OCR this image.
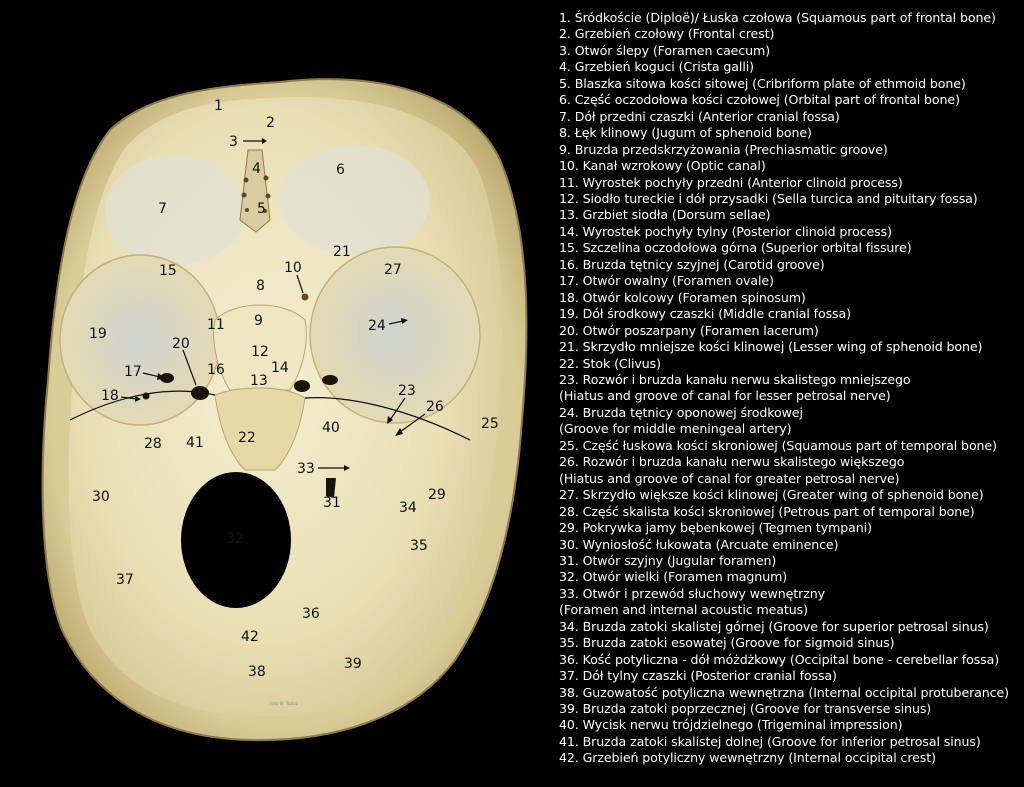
1
2
3
4
5
6
7
8
9
10
11
12
13
14
15
16
17
18
19
20
21
22
23
24
25
26
27
28
29
30	31
32
33
34
35
36
37
38	39
40
41
42
Foto M. Tozlaz
1. Śródkoście (Diploë)/ Łuska czołowa (Squamous part of frontal bone)
2. Grzebień czołowy (Frontal crest)
3. Otwór ślepy (Foramen caecum)
4. Grzebień koguci (Crista galli)
5. Blaszka sitowa kości sitowej (Cribriform plate of ethmoid bone)
6. Część oczodołowa kości czołowej (Orbital part of frontal bone)
7. Dół przedni czaszki (Anterior cranial fossa)
8. Łęk klinowy (Jugum of sphenoid bone)
9. Bruzda przedskrzyżowania (Prechiasmatic groove)
10. Kanał wzrokowy (Optic canal)
11. Wyrostek pochyły przedni (Anterior clinoid process)
12. Siodło tureckie i dół przysadki (Sella turcica and pituitary fossa)
13. Grzbiet siodła (Dorsum sellae)
14. Wyrostek pochyły tylny (Posterior clinoid process)
15. Szczelina oczodołowa górna (Superior orbital fissure)
16. Bruzda tętnicy szyjnej (Carotid groove)
17. Otwór owalny (Foramen ovale)
18. Otwór kolcowy (Foramen spinosum)
19. Dół środkowy czaszki (Middle cranial fossa)
20. Otwór poszarpany (Foramen lacerum)
21. Skrzydło mniejsze kości klinowej (Lesser wing of sphenoid bone)
22. Stok (Clivus)
23. Rozwór i bruzda kanału nerwu skalistego mniejszego
(Hiatus and groove of canal for lesser petrosal nerve)
24. Bruzda tętnicy oponowej środkowej
(Groove for middle meningeal artery)
25. Część łuskowa kości skroniowej (Squamous part of temporal bone)
26. Rozwór i bruzda kanału nerwu skalistego większego
(Hiatus and groove of canal for greater petrosal nerve)
27. Skrzydło większe kości klinowej (Greater wing of sphenoid bone)
28. Część skalista kości skroniowej (Petrous part of temporal bone)
29. Pokrywka jamy bębenkowej (Tegmen tympani)
30. Wyniosłość łukowata (Arcuate eminence)
31. Otwór szyjny (Jugular foramen)
32. Otwór wielki (Foramen magnum)
33. Otwór i przewód słuchowy wewnętrzny
(Foramen and internal acoustic meatus)
34. Bruzda zatoki skalistej górnej (Groove for superior petrosal sinus)
35. Bruzda zatoki esowatej (Groove for sigmoid sinus)
36. Kość potyliczna - dół móżdżkowy (Occipital bone - cerebellar fossa)
37. Dół tylny czaszki (Posterior cranial fossa)
38. Guzowatość potyliczna wewnętrzna (Internal occipital protuberance)
39. Bruzda zatoki poprzecznej (Groove for transverse sinus)
40. Wycisk nerwu trójdzielnego (Trigeminal impression)
41. Bruzda zatoki skalistej dolnej (Groove for inferior petrosal sinus)
42. Grzebień potyliczny wewnętrzny (Internal occipital crest)
